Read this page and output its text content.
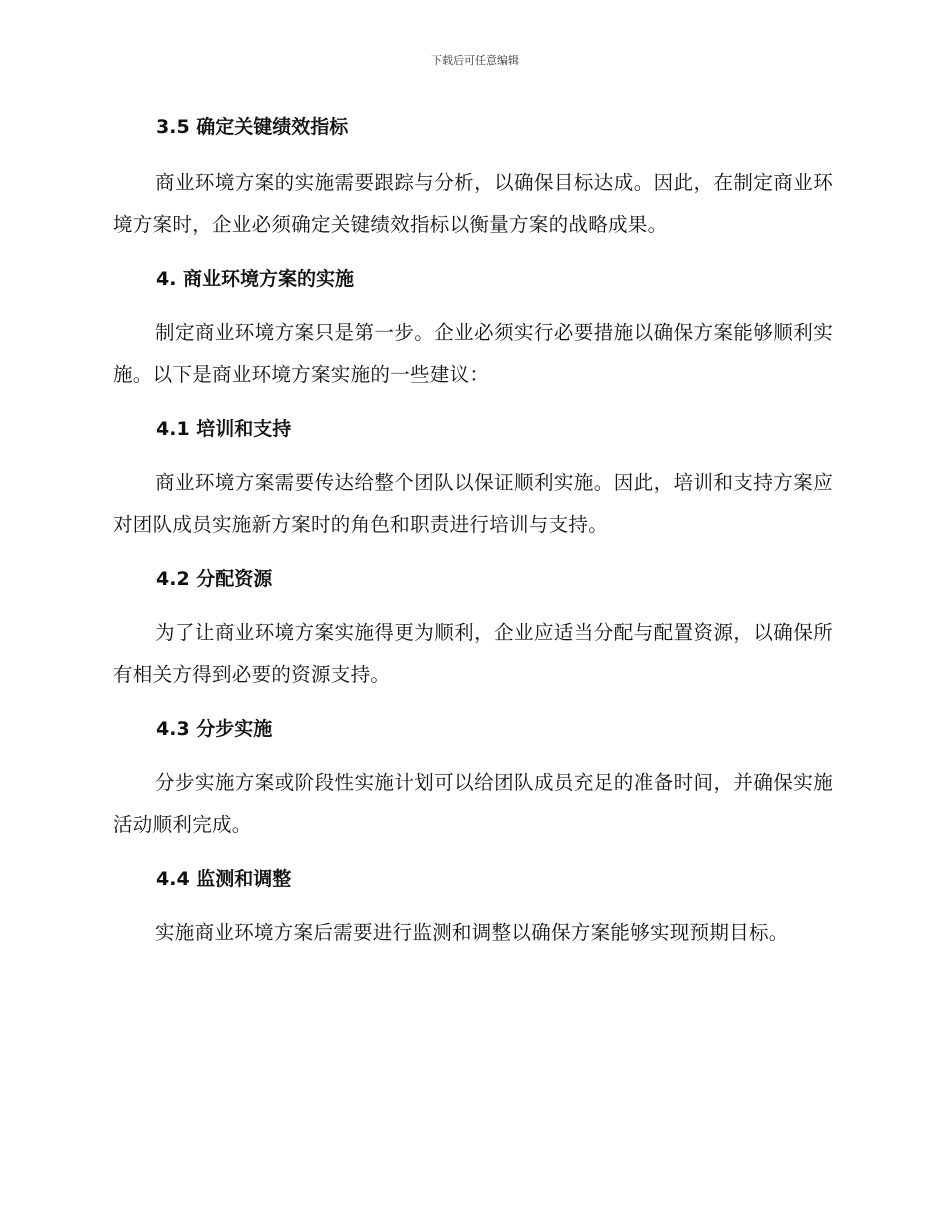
下载后可任意编辑
3.5 确定关键绩效指标

商业环境方案的实施需要跟踪与分析，以确保目标达成。因此，在制定商业环境方案时，企业必须确定关键绩效指标以衡量方案的战略成果。

4. 商业环境方案的实施

制定商业环境方案只是第一步。企业必须实行必要措施以确保方案能够顺利实施。以下是商业环境方案实施的一些建议：

4.1 培训和支持

商业环境方案需要传达给整个团队以保证顺利实施。因此，培训和支持方案应对团队成员实施新方案时的角色和职责进行培训与支持。

4.2 分配资源

为了让商业环境方案实施得更为顺利，企业应适当分配与配置资源，以确保所有相关方得到必要的资源支持。

4.3 分步实施

分步实施方案或阶段性实施计划可以给团队成员充足的准备时间，并确保实施活动顺利完成。

4.4 监测和调整

实施商业环境方案后需要进行监测和调整以确保方案能够实现预期目标。
